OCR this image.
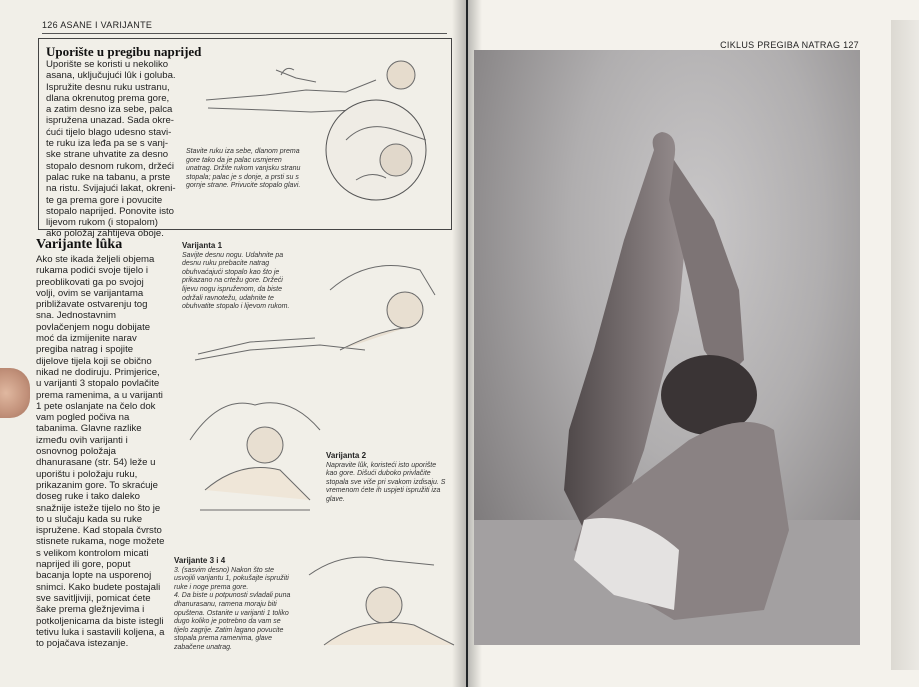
126 ASANE I VARIJANTE
Uporište u pregibu naprijed
Uporište se koristi u nekoliko
asana, uključujući lûk i goluba.
Ispružite desnu ruku ustranu,
dlana okrenutog prema gore,
a zatim desno iza sebe, palca
ispružena unazad. Sada okre-
ćući tijelo blago udesno stavi-
te ruku iza leđa pa se s vanj-
ske strane uhvatite za desno
stopalo desnom rukom, držeći
palac ruke na tabanu, a prste
na ristu. Svijajući lakat, okreni-
te ga prema gore i povucite
stopalo naprijed. Ponovite isto
lijevom rukom (i stopalom)
ako položaj zahtijeva oboje.
Stavite ruku iza sebe, dlanom prema
gore tako da je palac usmjeren
unatrag. Držite rukom vanjsku stranu
stopala; palac je s donje, a prsti su s
gornje strane. Privucite stopalo glavi.
Varijante lûka
Ako ste ikada željeli objema
rukama podići svoje tijelo i
preoblikovati ga po svojoj
volji, ovim se varijantama
približavate ostvarenju tog
sna. Jednostavnim
povlačenjem nogu dobijate
moć da izmijenite narav
pregiba natrag i spojite
dijelove tijela koji se obično
nikad ne dodiruju. Primjerice,
u varijanti 3 stopalo povlačite
prema ramenima, a u varijanti
1 pete oslanjate na čelo dok
vam pogled počiva na
tabanima. Glavne razlike
između ovih varijanti i
osnovnog položaja
dhanurasane (str. 54) leže u
uporištu i položaju ruku,
prikazanim gore. To skraćuje
doseg ruke i tako daleko
snažnije isteže tijelo no što je
to u slučaju kada su ruke
ispružene. Kad stopala čvrsto
stisnete rukama, noge možete
s velikom kontrolom micati
naprijed ili gore, poput
bacanja lopte na usporenoj
snimci. Kako budete postajali
sve savitljiviji, pomicat ćete
šake prema gležnjevima i
potkoljenicama da biste istegli
tetivu luka i sastavili koljena, a
to pojačava istezanje.
Varijanta 1
Savijte desnu nogu. Udahnite pa
desnu ruku prebacite natrag
obuhvaćajući stopalo kao što je
prikazano na crtežu gore. Držeći
lijevu nogu ispruženom, da biste
održali ravnotežu, udahnite te
obuhvatite stopalo i lijevom rukom.
Varijanta 2
Napravite lûk, koristeći isto uporište
kao gore. Dišući duboko privlačite
stopala sve više pri svakom izdisaju. S
vremenom ćete ih uspjeti ispružiti iza
glave.
Varijante 3 i 4
3. (sasvim desno) Nakon što ste
usvojili varijantu 1, pokušajte ispružiti
ruke i noge prema gore.
4. Da biste u potpunosti svladali puna
dhanurasanu, ramena moraju biti
opuštena. Ostanite u varijanti 1 toliko
dugo koliko je potrebno da vam se
tijelo zagrije. Zatim lagano povucite
stopala prema ramenima, glave
zabačene unatrag.
CIKLUS PREGIBA NATRAG 127
